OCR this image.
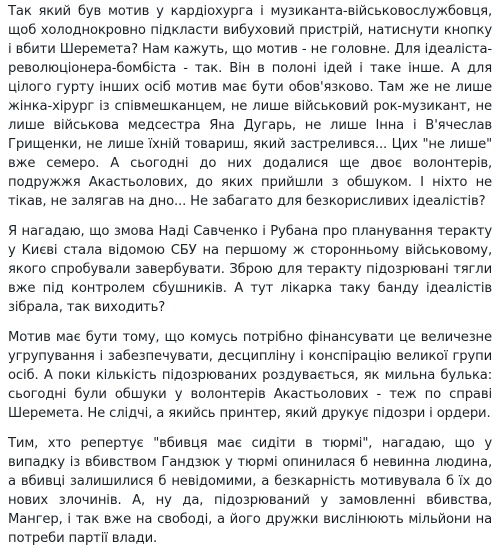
Так який був мотив у кардіохурга і музиканта-військовослужбовця, щоб холоднокровно підкласти вибуховий пристрій, натиснути кнопку і вбити Шеремета? Нам кажуть, що мотив - не головне. Для ідеаліста-революціонера-бомбіста - так. Він в полоні ідей і таке інше. А для цілого гурту інших осіб мотив має бути обов'язково. Там же не лише жінка-хірург із співмешканцем, не лише військовий рок-музикант, не лише військова медсестра Яна Дугарь, не лише Інна і В'ячеслав Грищенки, не лише їхній товариш, який застрелився... Цих "не лише" вже семеро. А сьогодні до них додалися ще двоє волонтерів, подружжя Акастьолових, до яких прийшли з обшуком. І ніхто не тікав, не залягав на дно... Не забагато для безкорисливих ідеалістів?

Я нагадаю, що змова Наді Савченко і Рубана про планування теракту у Києві стала відомою СБУ на першому ж сторонньому військовому, якого спробували завербувати. Зброю для теракту підозрювані тягли вже під контролем сбушників. А тут лікарка таку банду ідеалістів зібрала, так виходить?

Мотив має бути тому, що комусь потрібно фінансувати це величезне угрупування і забезпечувати, десципліну і конспірацію великої групи осіб. А поки кількість підозрюваних роздувається, як мильна булька: сьогодні були обшуки у волонтерів Акастьолових - теж по справі Шеремета. Не слідчі, а якийсь принтер, який друкує підозри і ордери.

Тим, хто репертує "вбивця має сидіти в тюрмі", нагадаю, що у випадку із вбивством Гандзюк у тюрмі опинилася б невинна людина, а вбивці залишилися б невідомими, а безкарність мотивувала б їх до нових злочинів. А, ну да, підозрюваний у замовленні вбивства, Мангер, і так вже на свободі, а його дружки вислінюють мільйони на потреби партії влади.
